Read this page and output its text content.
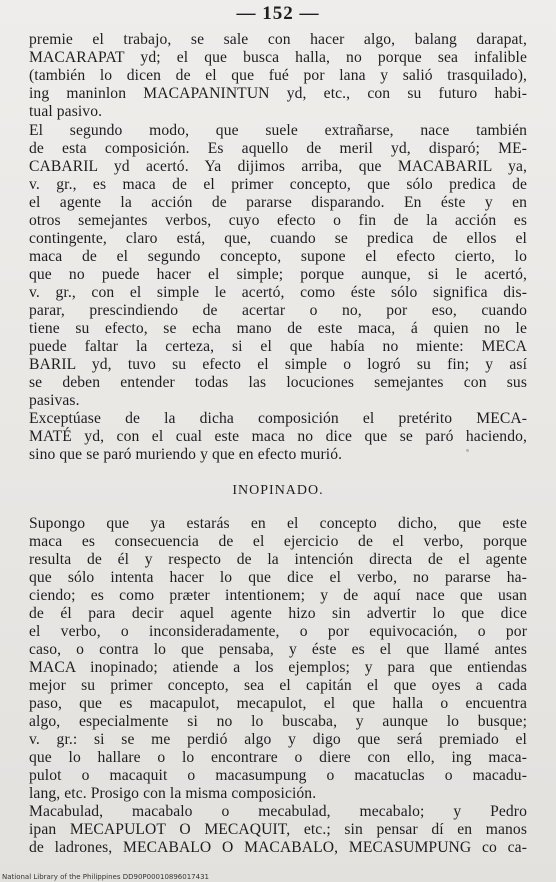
— 152 —
premie el trabajo, se sale con hacer algo, balang darapat,
MACARAPAT yd; el que busca halla, no porque sea infalible
(también lo dicen de el que fué por lana y salió trasquilado),
ing maninlon MACAPANINTUN yd, etc., con su futuro habi-
tual pasivo.
El segundo modo, que suele extrañarse, nace también
de esta composición. Es aquello de meril yd, disparó; ME-
CABARIL yd acertó. Ya dijimos arriba, que MACABARIL ya,
v. gr., es maca de el primer concepto, que sólo predica de
el agente la acción de pararse disparando. En éste y en
otros semejantes verbos, cuyo efecto o fin de la acción es
contingente, claro está, que, cuando se predica de ellos el
maca de el segundo concepto, supone el efecto cierto, lo
que no puede hacer el simple; porque aunque, si le acertó,
v. gr., con el simple le acertó, como éste sólo significa dis-
parar, prescindiendo de acertar o no, por eso, cuando
tiene su efecto, se echa mano de este maca, á quien no le
puede faltar la certeza, si el que había no miente: MECA
BARIL yd, tuvo su efecto el simple o logró su fin; y así
se deben entender todas las locuciones semejantes con sus
pasivas.
Exceptúase de la dicha composición el pretérito MECA-
MATÉ yd, con el cual este maca no dice que se paró haciendo,
sino que se paró muriendo y que en efecto murió.
INOPINADO.
Supongo que ya estarás en el concepto dicho, que este
maca es consecuencia de el ejercicio de el verbo, porque
resulta de él y respecto de la intención directa de el agente
que sólo intenta hacer lo que dice el verbo, no pararse ha-
ciendo; es como præter intentionem; y de aquí nace que usan
de él para decir aquel agente hizo sin advertir lo que dice
el verbo, o inconsideradamente, o por equivocación, o por
caso, o contra lo que pensaba, y éste es el que llamé antes
MACA inopinado; atiende a los ejemplos; y para que entiendas
mejor su primer concepto, sea el capitán el que oyes a cada
paso, que es macapulot, mecapulot, el que halla o encuentra
algo, especialmente si no lo buscaba, y aunque lo busque;
v. gr.: si se me perdió algo y digo que será premiado el
que lo hallare o lo encontrare o diere con ello, ing maca-
pulot o macaquit o macasumpung o macatuclas o macadu-
lang, etc. Prosigo con la misma composición.
Macabulad, macabalo o mecabulad, mecabalo; y Pedro
ipan MECAPULOT O MECAQUIT, etc.; sin pensar dí en manos
de ladrones, MECABALO O MACABALO, MECASUMPUNG co ca-
National Library of the Philippines DD90P00010896017431
